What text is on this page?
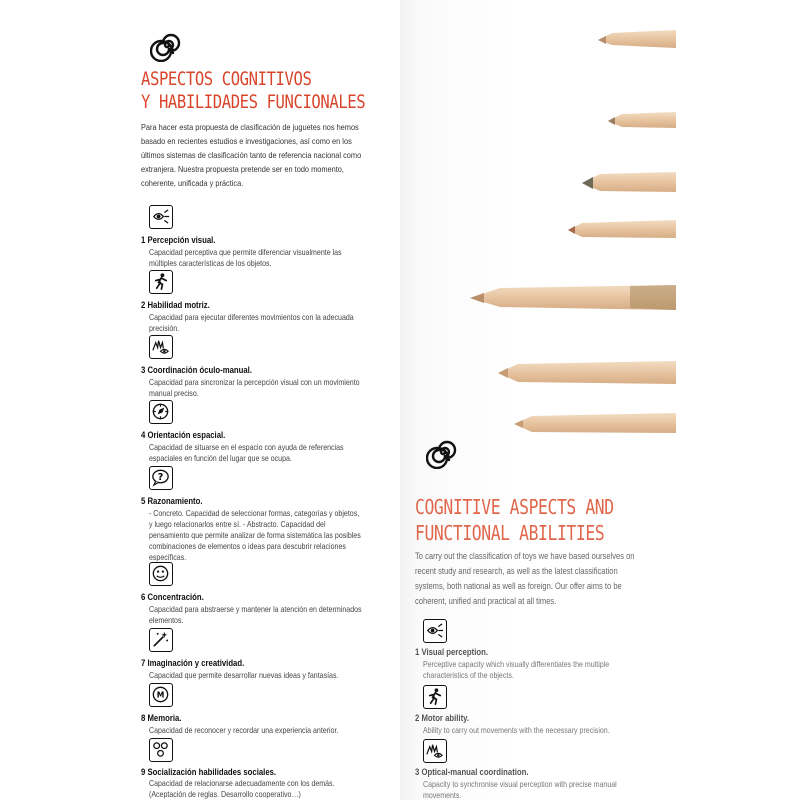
ASPECTOS COGNITIVOS
Y HABILIDADES FUNCIONALES

Para hacer esta propuesta de clasificación de juguetes nos hemos basado en recientes estudios e investigaciones, así como en los últimos sistemas de clasificación tanto de referencia nacional como extranjera. Nuestra propuesta pretende ser en todo momento, coherente, unificada y práctica.

1 Percepción visual.
Capacidad perceptiva que permite diferenciar visualmente las múltiples características de los objetos.
2 Habilidad motriz.
Capacidad para ejecutar diferentes movimientos con la adecuada precisión.
3 Coordinación óculo-manual.
Capacidad para sincronizar la percepción visual con un movimiento manual preciso.
4 Orientación espacial.
Capacidad de situarse en el espacio con ayuda de referencias espaciales en función del lugar que se ocupa.
?
5 Razonamiento.
- Concreto. Capacidad de seleccionar formas, categorías y objetos, y luego relacionarlos entre sí. - Abstracto. Capacidad del pensamiento que permite analizar de forma sistemática las posibles combinaciones de elementos o ideas para descubrir relaciones específicas.
6 Concentración.
Capacidad para abstraerse y mantener la atención en determinados elementos.
7 Imaginación y creatividad.
Capacidad que permite desarrollar nuevas ideas y fantasías.
M
8 Memoria.
Capacidad de reconocer y recordar una experiencia anterior.
9 Socialización habilidades sociales.
Capacidad de relacionarse adecuadamente con los demás. (Aceptación de reglas. Desarrollo cooperativo…)
COGNITIVE ASPECTS AND
FUNCTIONAL ABILITIES

To carry out the classification of toys we have based ourselves on recent study and research, as well as the latest classification systems, both national as well as foreign. Our offer aims to be coherent, unified and practical at all times.

1 Visual perception.
Perceptive capacity which visually differentiates the multiple characteristics of the objects.
2 Motor ability.
Ability to carry out movements with the necessary precision.
3 Optical-manual coordination.
Capacity to synchronise visual perception with precise manual movements.
